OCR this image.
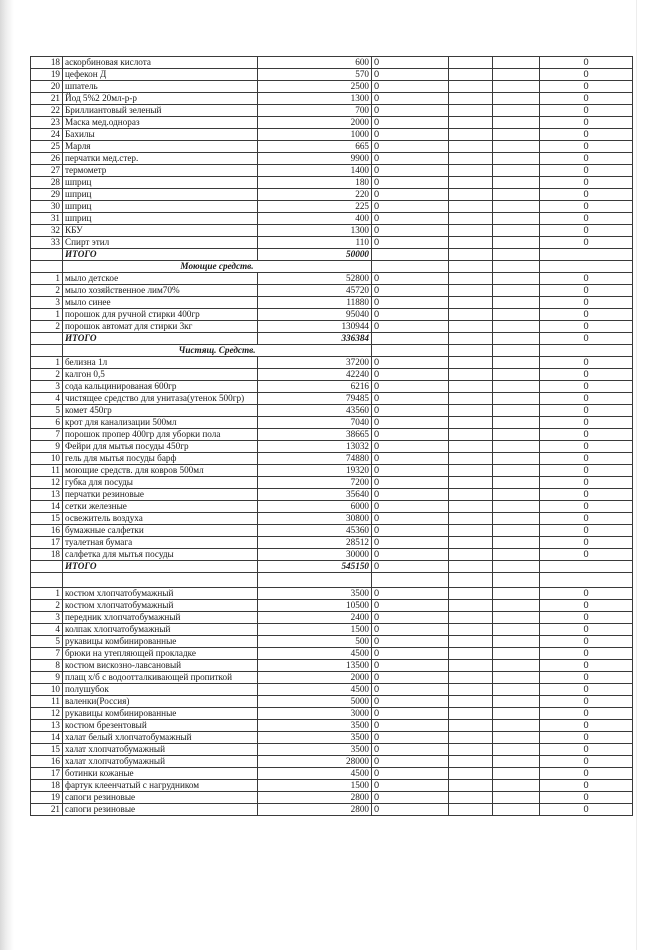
18	аскорбиновая кислота	600	0			0
19	цефекон Д	570	0			0
20	шпатель	2500	0			0
21	Йод 5%2 20мл-р-р	1300	0			0
22	Бриллиантовый зеленый	700	0			0
23	Маска мед.однораз	2000	0			0
24	Бахилы	1000	0			0
25	Марля	665	0			0
26	перчатки мед.стер.	9900	0			0
27	термометр	1400	0			0
28	шприц	180	0			0
29	шприц	220	0			0
30	шприц	225	0			0
31	шприц	400	0			0
32	КБУ	1300	0			0
33	Спирт этил	110	0			0
	ИТОГО	50000				
	Моющие средств.					
1	мыло детское	52800	0			0
2	мыло хозяйственное лим70%	45720	0			0
3	мыло синее	11880	0			0
1	порошок для ручной стирки 400гр	95040	0			0
2	порошок автомат для стирки 3кг	130944	0			0
	ИТОГО	336384				0
	Чистящ. Средств.					
1	белизна 1л	37200	0			0
2	калгон 0,5	42240	0			0
3	сода кальцинированая 600гр	6216	0			0
4	чистящее средство для унитаза(утенок 500гр)	79485	0			0
5	комет 450гр	43560	0			0
6	крот для канализации 500мл	7040	0			0
7	порошок пропер 400гр для уборки пола	38665	0			0
9	Фейри для мытья посуды 450гр	13032	0			0
10	гель для мытья посуды барф	74880	0			0
11	моющие средств. для ковров 500мл	19320	0			0
12	губка для посуды	7200	0			0
13	перчатки резиновые	35640	0			0
14	сетки железные	6000	0			0
15	освежитель воздуха	30800	0			0
16	бумажные салфетки	45360	0			0
17	туалетная бумага	28512	0			0
18	салфетка для мытья посуды	30000	0			0
	ИТОГО	545150	0			

1	костюм хлопчатобумажный	3500	0			0
2	костюм хлопчатобумажный	10500	0			0
3	передник хлопчатобумажный	2400	0			0
4	колпак хлопчатобумажный	1500	0			0
5	рукавицы комбинированные	500	0			0
7	брюки на утепляющей прокладке	4500	0			0
8	костюм вискозно-лавсановый	13500	0			0
9	плащ х/б с водоотталкивающей пропиткой	2000	0			0
10	полушубок	4500	0			0
11	валенки(Россия)	5000	0			0
12	рукавицы комбинированные	3000	0			0
13	костюм брезентовый	3500	0			0
14	халат белый хлопчатобумажный	3500	0			0
15	халат хлопчатобумажный	3500	0			0
16	халат хлопчатобумажный	28000	0			0
17	ботинки кожаные	4500	0			0
18	фартук клеенчатый с нагрудником	1500	0			0
19	сапоги резиновые	2800	0			0
21	сапоги резиновые	2800	0			0
